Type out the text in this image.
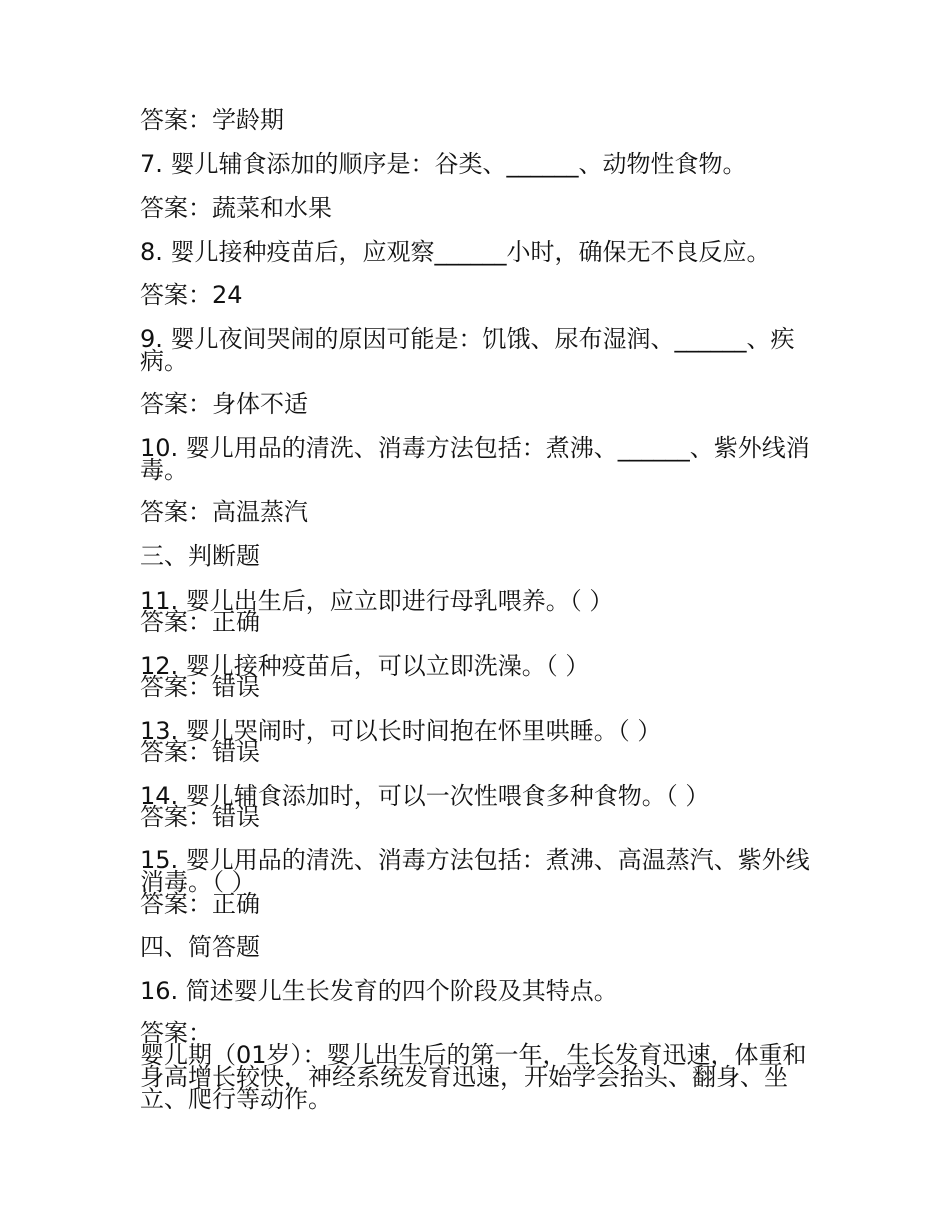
答案：学龄期

7. 婴儿辅食添加的顺序是：谷类、______、动物性食物。

答案：蔬菜和水果

8. 婴儿接种疫苗后，应观察______小时，确保无不良反应。

答案：24

9. 婴儿夜间哭闹的原因可能是：饥饿、尿布湿润、______、疾病。

答案：身体不适

10. 婴儿用品的清洗、消毒方法包括：煮沸、______、紫外线消毒。

答案：高温蒸汽

三、判断题

11. 婴儿出生后，应立即进行母乳喂养。（ ）

答案：正确

12. 婴儿接种疫苗后，可以立即洗澡。（ ）

答案：错误

13. 婴儿哭闹时，可以长时间抱在怀里哄睡。（ ）

答案：错误

14. 婴儿辅食添加时，可以一次性喂食多种食物。（ ）

答案：错误

15. 婴儿用品的清洗、消毒方法包括：煮沸、高温蒸汽、紫外线消毒。（ ）

答案：正确

四、简答题

16. 简述婴儿生长发育的四个阶段及其特点。

答案：

婴儿期（01岁）：婴儿出生后的第一年，生长发育迅速，体重和身高增长较快，神经系统发育迅速，开始学会抬头、翻身、坐立、爬行等动作。
